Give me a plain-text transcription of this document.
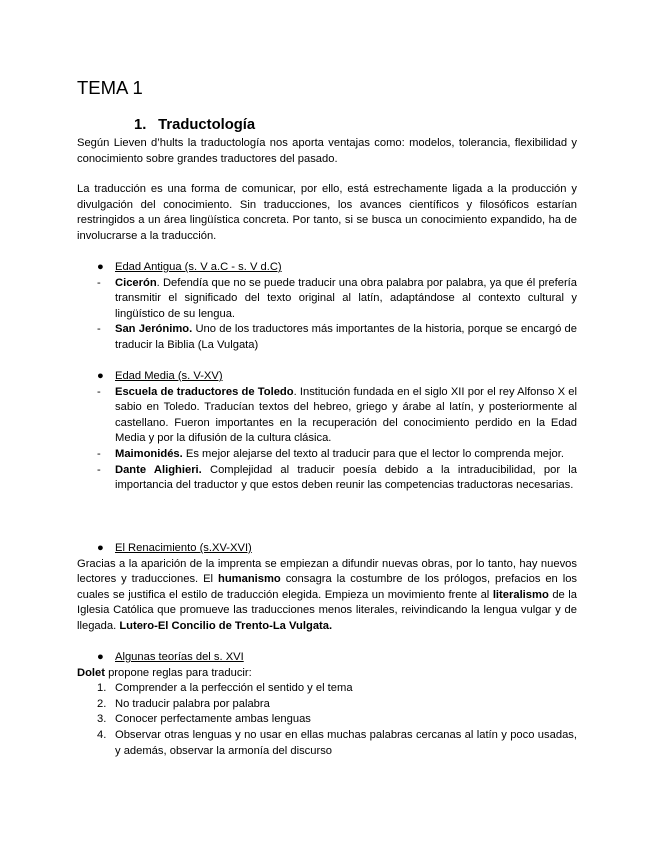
TEMA 1
1. Traductología

Según Lieven d’hults la traductología nos aporta ventajas como: modelos, tolerancia, flexibilidad y conocimiento sobre grandes traductores del pasado.

La traducción es una forma de comunicar, por ello, está estrechamente ligada a la producción y divulgación del conocimiento. Sin traducciones, los avances científicos y filosóficos estarían restringidos a un área lingüística concreta. Por tanto, si se busca un conocimiento expandido, ha de involucrarse a la traducción.

● Edad Antigua (s. V a.C - s. V d.C)
- Cicerón. Defendía que no se puede traducir una obra palabra por palabra, ya que él prefería transmitir el significado del texto original al latín, adaptándose al contexto cultural y lingüístico de su lengua.
- San Jerónimo. Uno de los traductores más importantes de la historia, porque se encargó de traducir la Biblia (La Vulgata)
● Edad Media (s. V-XV)
- Escuela de traductores de Toledo. Institución fundada en el siglo XII por el rey Alfonso X el sabio en Toledo. Traducían textos del hebreo, griego y árabe al latín, y posteriormente al castellano. Fueron importantes en la recuperación del conocimiento perdido en la Edad Media y por la difusión de la cultura clásica.
- Maimonidés. Es mejor alejarse del texto al traducir para que el lector lo comprenda mejor.
- Dante Alighieri. Complejidad al traducir poesía debido a la intraducibilidad, por la importancia del traductor y que estos deben reunir las competencias traductoras necesarias.
● El Renacimiento (s.XV-XVI)

Gracias a la aparición de la imprenta se empiezan a difundir nuevas obras, por lo tanto, hay nuevos lectores y traducciones. El humanismo consagra la costumbre de los prólogos, prefacios en los cuales se justifica el estilo de traducción elegida. Empieza un movimiento frente al literalismo de la Iglesia Católica que promueve las traducciones menos literales, reivindicando la lengua vulgar y de llegada. Lutero-El Concilio de Trento-La Vulgata.

● Algunas teorías del s. XVI

Dolet propone reglas para traducir:

1. Comprender a la perfección el sentido y el tema
2. No traducir palabra por palabra
3. Conocer perfectamente ambas lenguas
4. Observar otras lenguas y no usar en ellas muchas palabras cercanas al latín y poco usadas, y además, observar la armonía del discurso
